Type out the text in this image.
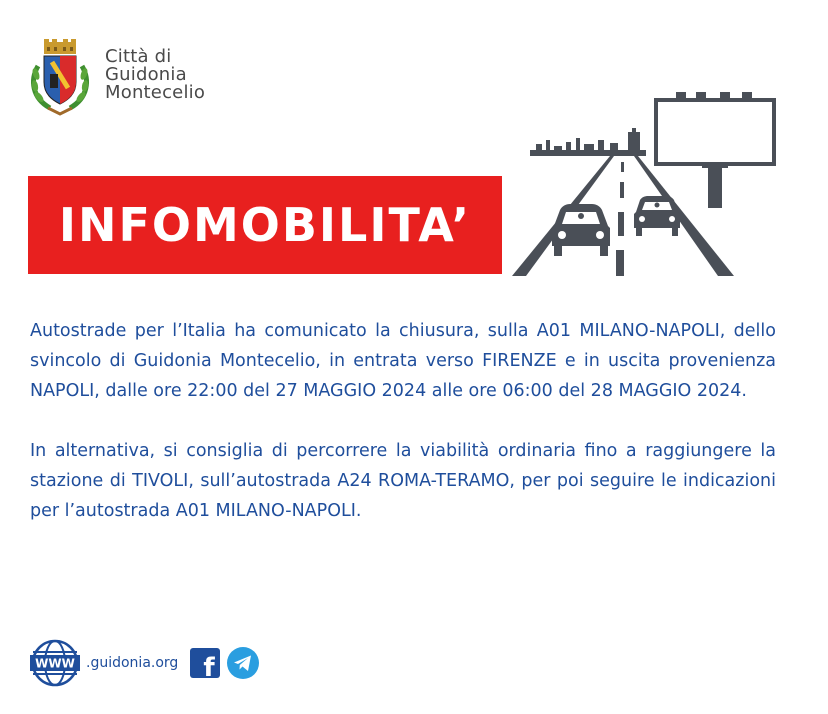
Città di
Guidonia
Montecelio
INFOMOBILITA’

Autostrade per l’Italia ha comunicato la chiusura, sulla A01 MILANO-NAPOLI, dello svincolo di Guidonia Montecelio, in entrata verso FIRENZE e in uscita provenienza NAPOLI, dalle ore 22:00 del 27 MAGGIO 2024 alle ore 06:00 del 28 MAGGIO 2024.

In alternativa, si consiglia di percorrere la viabilità ordinaria fino a raggiungere la stazione di TIVOLI, sull’autostrada A24 ROMA-TERAMO, per poi seguire le indicazioni per l’autostrada A01 MILANO-NAPOLI.

WWW .guidonia.org f
